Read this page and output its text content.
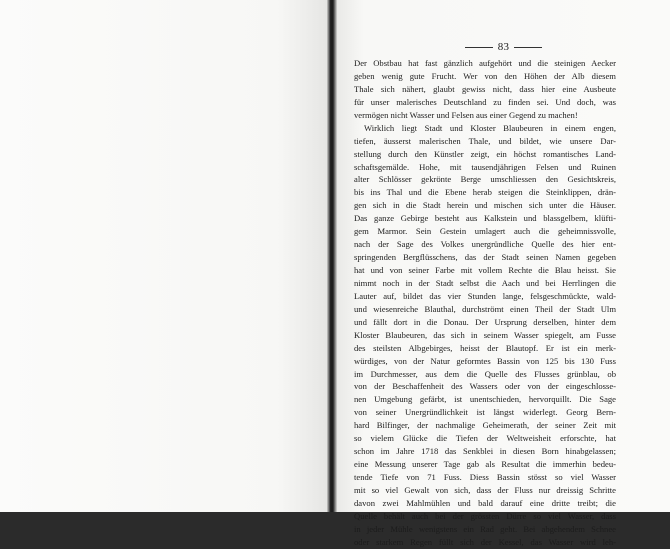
83
Der Obstbau hat fast gänzlich aufgehört und die steinigen Aecker
geben wenig gute Frucht. Wer von den Höhen der Alb diesem
Thale sich nähert, glaubt gewiss nicht, dass hier eine Ausbeute
für unser malerisches Deutschland zu finden sei. Und doch, was
vermögen nicht Wasser und Felsen aus einer Gegend zu machen!
Wirklich liegt Stadt und Kloster Blaubeuren in einem engen,
tiefen, äusserst malerischen Thale, und bildet, wie unsere Dar-
stellung durch den Künstler zeigt, ein höchst romantisches Land-
schaftsgemälde. Hohe, mit tausendjährigen Felsen und Ruinen
alter Schlösser gekrönte Berge umschliessen den Gesichtskreis,
bis ins Thal und die Ebene herab steigen die Steinklippen, drän-
gen sich in die Stadt herein und mischen sich unter die Häuser.
Das ganze Gebirge besteht aus Kalkstein und blassgelbem, klüfti-
gem Marmor. Sein Gestein umlagert auch die geheimnissvolle,
nach der Sage des Volkes unergründliche Quelle des hier ent-
springenden Bergflüsschens, das der Stadt seinen Namen gegeben
hat und von seiner Farbe mit vollem Rechte die Blau heisst. Sie
nimmt noch in der Stadt selbst die Aach und bei Herrlingen die
Lauter auf, bildet das vier Stunden lange, felsgeschmückte, wald-
und wiesenreiche Blauthal, durchströmt einen Theil der Stadt Ulm
und fällt dort in die Donau. Der Ursprung derselben, hinter dem
Kloster Blaubeuren, das sich in seinem Wasser spiegelt, am Fusse
des steilsten Albgebirges, heisst der Blautopf. Er ist ein merk-
würdiges, von der Natur geformtes Bassin von 125 bis 130 Fuss
im Durchmesser, aus dem die Quelle des Flusses grünblau, ob
von der Beschaffenheit des Wassers oder von der eingeschlosse-
nen Umgebung gefärbt, ist unentschieden, hervorquillt. Die Sage
von seiner Unergründlichkeit ist längst widerlegt. Georg Bern-
hard Bilfinger, der nachmalige Geheimerath, der seiner Zeit mit
so vielem Glücke die Tiefen der Weltweisheit erforschte, hat
schon im Jahre 1718 das Senkblei in diesen Born hinabgelassen;
eine Messung unserer Tage gab als Resultat die immerhin bedeu-
tende Tiefe von 71 Fuss. Diess Bassin stösst so viel Wasser
mit so viel Gewalt von sich, dass der Fluss nur dreissig Schritte
davon zwei Mahlmühlen und bald darauf eine dritte treibt; die
Quelle behält auch bei der grössten Dürre so viel Wasser, dass
in jeder Mühle wenigstens ein Rad geht. Bei abgehendem Schnee
oder starkem Regen füllt sich der Kessel, das Wasser wird leh-
